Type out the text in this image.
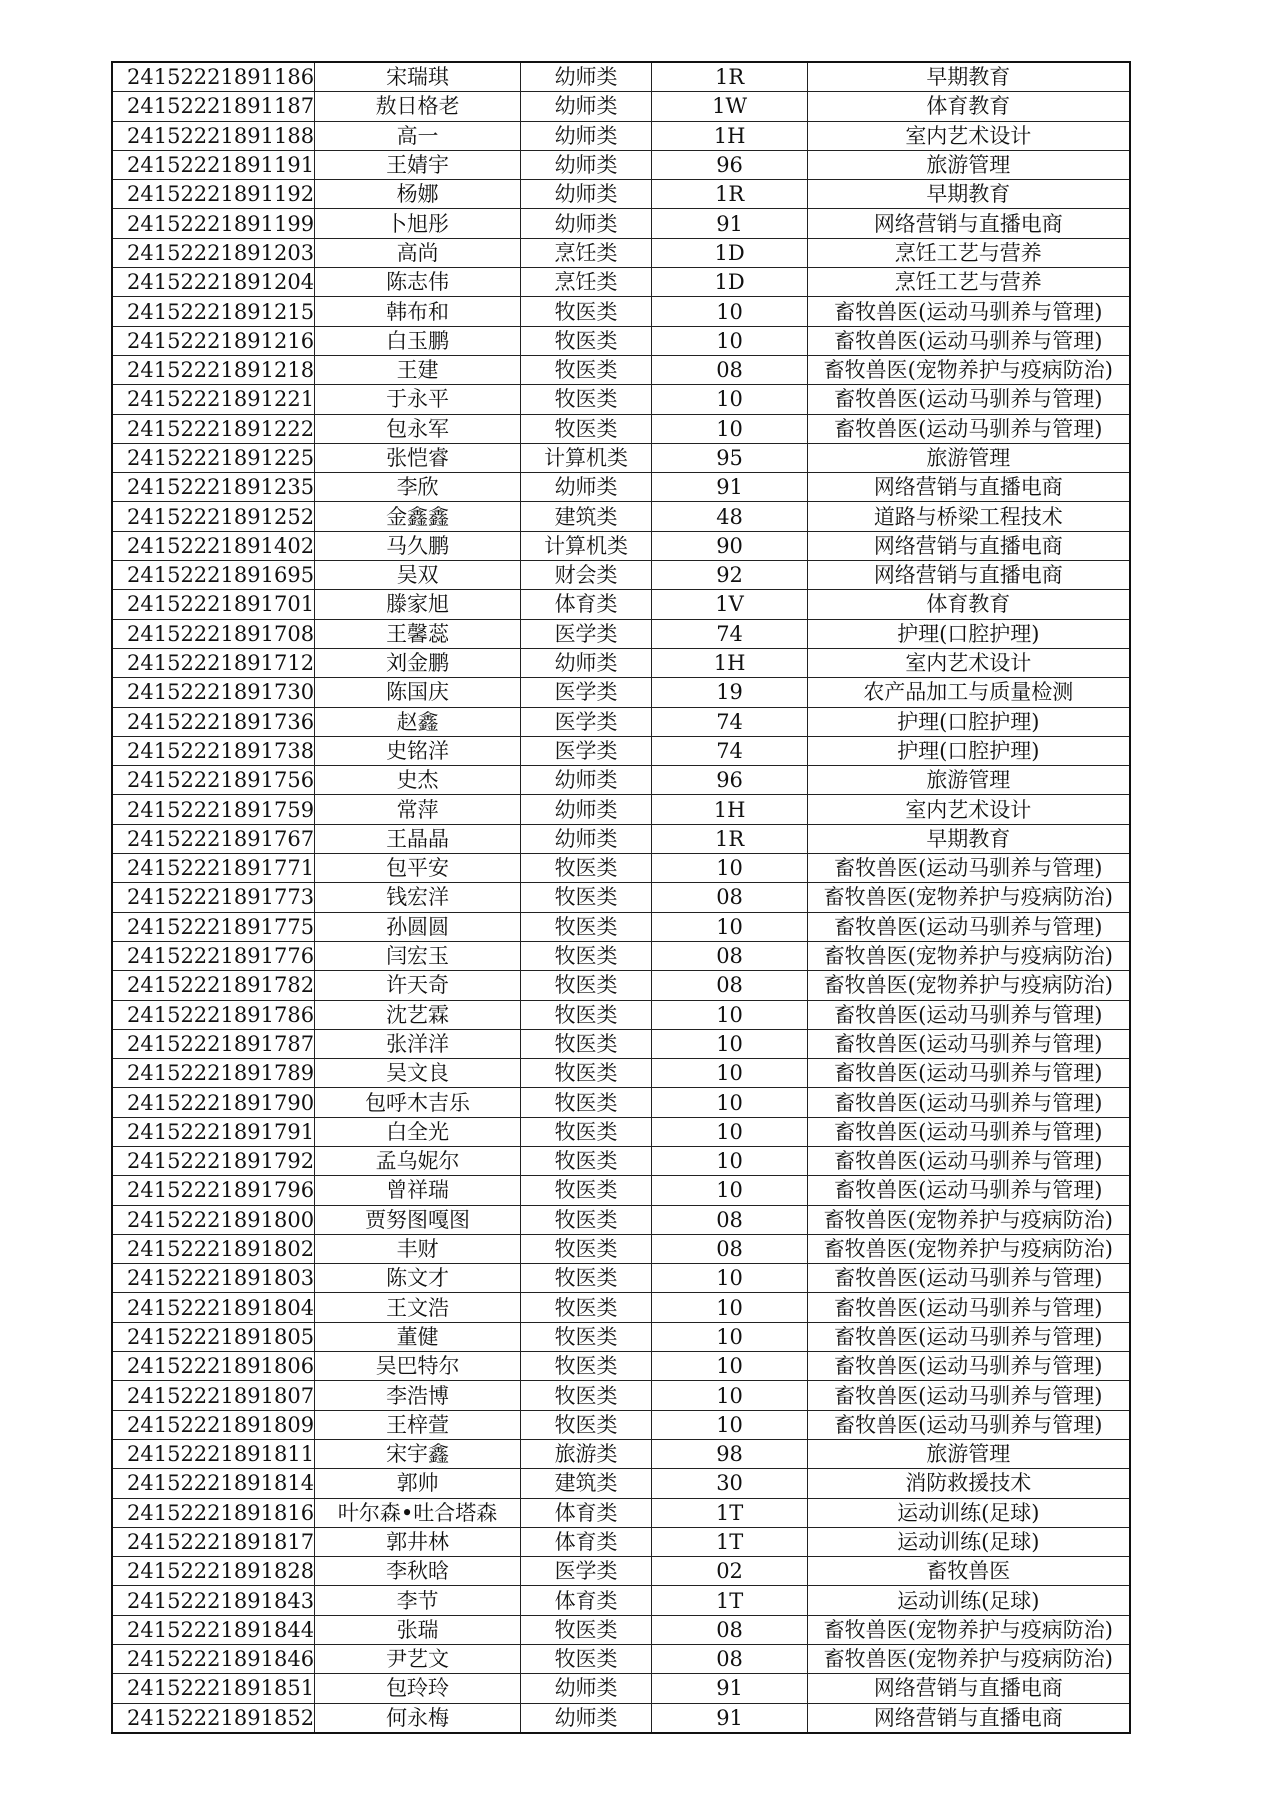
24152221891186	宋瑞琪	幼师类	1R	早期教育
24152221891187	敖日格老	幼师类	1W	体育教育
24152221891188	高一	幼师类	1H	室内艺术设计
24152221891191	王婧宇	幼师类	96	旅游管理
24152221891192	杨娜	幼师类	1R	早期教育
24152221891199	卜旭彤	幼师类	91	网络营销与直播电商
24152221891203	高尚	烹饪类	1D	烹饪工艺与营养
24152221891204	陈志伟	烹饪类	1D	烹饪工艺与营养
24152221891215	韩布和	牧医类	10	畜牧兽医(运动马驯养与管理)
24152221891216	白玉鹏	牧医类	10	畜牧兽医(运动马驯养与管理)
24152221891218	王建	牧医类	08	畜牧兽医(宠物养护与疫病防治)
24152221891221	于永平	牧医类	10	畜牧兽医(运动马驯养与管理)
24152221891222	包永军	牧医类	10	畜牧兽医(运动马驯养与管理)
24152221891225	张恺睿	计算机类	95	旅游管理
24152221891235	李欣	幼师类	91	网络营销与直播电商
24152221891252	金鑫鑫	建筑类	48	道路与桥梁工程技术
24152221891402	马久鹏	计算机类	90	网络营销与直播电商
24152221891695	吴双	财会类	92	网络营销与直播电商
24152221891701	滕家旭	体育类	1V	体育教育
24152221891708	王馨蕊	医学类	74	护理(口腔护理)
24152221891712	刘金鹏	幼师类	1H	室内艺术设计
24152221891730	陈国庆	医学类	19	农产品加工与质量检测
24152221891736	赵鑫	医学类	74	护理(口腔护理)
24152221891738	史铭洋	医学类	74	护理(口腔护理)
24152221891756	史杰	幼师类	96	旅游管理
24152221891759	常萍	幼师类	1H	室内艺术设计
24152221891767	王晶晶	幼师类	1R	早期教育
24152221891771	包平安	牧医类	10	畜牧兽医(运动马驯养与管理)
24152221891773	钱宏洋	牧医类	08	畜牧兽医(宠物养护与疫病防治)
24152221891775	孙圆圆	牧医类	10	畜牧兽医(运动马驯养与管理)
24152221891776	闫宏玉	牧医类	08	畜牧兽医(宠物养护与疫病防治)
24152221891782	许天奇	牧医类	08	畜牧兽医(宠物养护与疫病防治)
24152221891786	沈艺霖	牧医类	10	畜牧兽医(运动马驯养与管理)
24152221891787	张洋洋	牧医类	10	畜牧兽医(运动马驯养与管理)
24152221891789	吴文良	牧医类	10	畜牧兽医(运动马驯养与管理)
24152221891790	包呼木吉乐	牧医类	10	畜牧兽医(运动马驯养与管理)
24152221891791	白全光	牧医类	10	畜牧兽医(运动马驯养与管理)
24152221891792	孟乌妮尔	牧医类	10	畜牧兽医(运动马驯养与管理)
24152221891796	曾祥瑞	牧医类	10	畜牧兽医(运动马驯养与管理)
24152221891800	贾努图嘎图	牧医类	08	畜牧兽医(宠物养护与疫病防治)
24152221891802	丰财	牧医类	08	畜牧兽医(宠物养护与疫病防治)
24152221891803	陈文才	牧医类	10	畜牧兽医(运动马驯养与管理)
24152221891804	王文浩	牧医类	10	畜牧兽医(运动马驯养与管理)
24152221891805	董健	牧医类	10	畜牧兽医(运动马驯养与管理)
24152221891806	吴巴特尔	牧医类	10	畜牧兽医(运动马驯养与管理)
24152221891807	李浩博	牧医类	10	畜牧兽医(运动马驯养与管理)
24152221891809	王梓萱	牧医类	10	畜牧兽医(运动马驯养与管理)
24152221891811	宋宇鑫	旅游类	98	旅游管理
24152221891814	郭帅	建筑类	30	消防救援技术
24152221891816	叶尔森•吐合塔森	体育类	1T	运动训练(足球)
24152221891817	郭井林	体育类	1T	运动训练(足球)
24152221891828	李秋晗	医学类	02	畜牧兽医
24152221891843	李节	体育类	1T	运动训练(足球)
24152221891844	张瑞	牧医类	08	畜牧兽医(宠物养护与疫病防治)
24152221891846	尹艺文	牧医类	08	畜牧兽医(宠物养护与疫病防治)
24152221891851	包玲玲	幼师类	91	网络营销与直播电商
24152221891852	何永梅	幼师类	91	网络营销与直播电商
